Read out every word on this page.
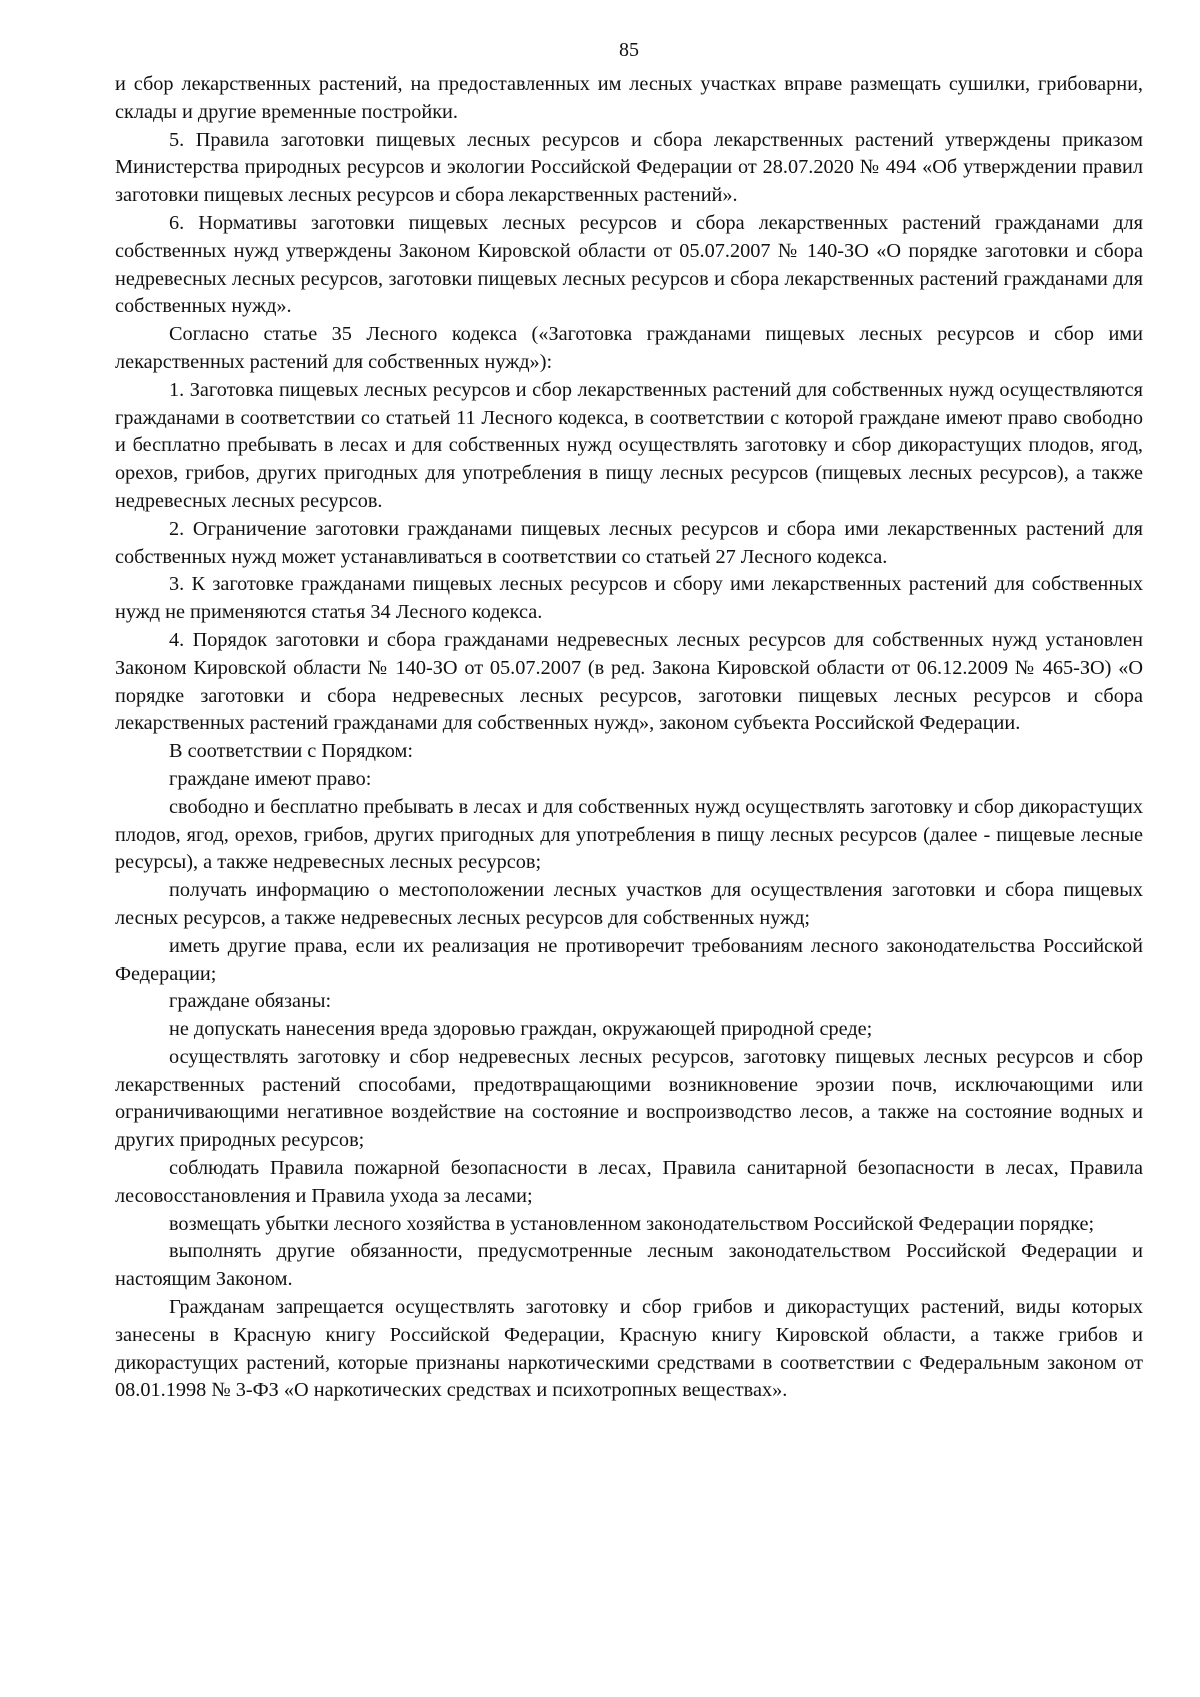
85

и сбор лекарственных растений, на предоставленных им лесных участках вправе размещать сушилки, грибоварни, склады и другие временные постройки.

5. Правила заготовки пищевых лесных ресурсов и сбора лекарственных растений утверждены приказом Министерства природных ресурсов и экологии Российской Федерации от 28.07.2020 № 494 «Об утверждении правил заготовки пищевых лесных ресурсов и сбора лекарственных растений».

6. Нормативы заготовки пищевых лесных ресурсов и сбора лекарственных растений гражданами для собственных нужд утверждены Законом Кировской области от 05.07.2007 № 140-ЗО «О порядке заготовки и сбора недревесных лесных ресурсов, заготовки пищевых лесных ресурсов и сбора лекарственных растений гражданами для собственных нужд».

Согласно статье 35 Лесного кодекса («Заготовка гражданами пищевых лесных ресурсов и сбор ими лекарственных растений для собственных нужд»):

1. Заготовка пищевых лесных ресурсов и сбор лекарственных растений для собственных нужд осуществляются гражданами в соответствии со статьей 11 Лесного кодекса, в соответствии с которой граждане имеют право свободно и бесплатно пребывать в лесах и для собственных нужд осуществлять заготовку и сбор дикорастущих плодов, ягод, орехов, грибов, других пригодных для употребления в пищу лесных ресурсов (пищевых лесных ресурсов), а также недревесных лесных ресурсов.

2. Ограничение заготовки гражданами пищевых лесных ресурсов и сбора ими лекарственных растений для собственных нужд может устанавливаться в соответствии со статьей 27 Лесного кодекса.

3. К заготовке гражданами пищевых лесных ресурсов и сбору ими лекарственных растений для собственных нужд не применяются статья 34 Лесного кодекса.

4. Порядок заготовки и сбора гражданами недревесных лесных ресурсов для собственных нужд установлен Законом Кировской области № 140-ЗО от 05.07.2007 (в ред. Закона Кировской области от 06.12.2009 № 465-ЗО) «О порядке заготовки и сбора недревесных лесных ресурсов, заготовки пищевых лесных ресурсов и сбора лекарственных растений гражданами для собственных нужд», законом субъекта Российской Федерации.

В соответствии с Порядком:

граждане имеют право:

свободно и бесплатно пребывать в лесах и для собственных нужд осуществлять заготовку и сбор дикорастущих плодов, ягод, орехов, грибов, других пригодных для употребления в пищу лесных ресурсов (далее - пищевые лесные ресурсы), а также недревесных лесных ресурсов;

получать информацию о местоположении лесных участков для осуществления заготовки и сбора пищевых лесных ресурсов, а также недревесных лесных ресурсов для собственных нужд;

иметь другие права, если их реализация не противоречит требованиям лесного законодательства Российской Федерации;

граждане обязаны:

не допускать нанесения вреда здоровью граждан, окружающей природной среде;

осуществлять заготовку и сбор недревесных лесных ресурсов, заготовку пищевых лесных ресурсов и сбор лекарственных растений способами, предотвращающими возникновение эрозии почв, исключающими или ограничивающими негативное воздействие на состояние и воспроизводство лесов, а также на состояние водных и других природных ресурсов;

соблюдать Правила пожарной безопасности в лесах, Правила санитарной безопасности в лесах, Правила лесовосстановления и Правила ухода за лесами;

возмещать убытки лесного хозяйства в установленном законодательством Российской Федерации порядке;

выполнять другие обязанности, предусмотренные лесным законодательством Российской Федерации и настоящим Законом.

Гражданам запрещается осуществлять заготовку и сбор грибов и дикорастущих растений, виды которых занесены в Красную книгу Российской Федерации, Красную книгу Кировской области, а также грибов и дикорастущих растений, которые признаны наркотическими средствами в соответствии с Федеральным законом от 08.01.1998 № 3-ФЗ «О наркотических средствах и психотропных веществах».
